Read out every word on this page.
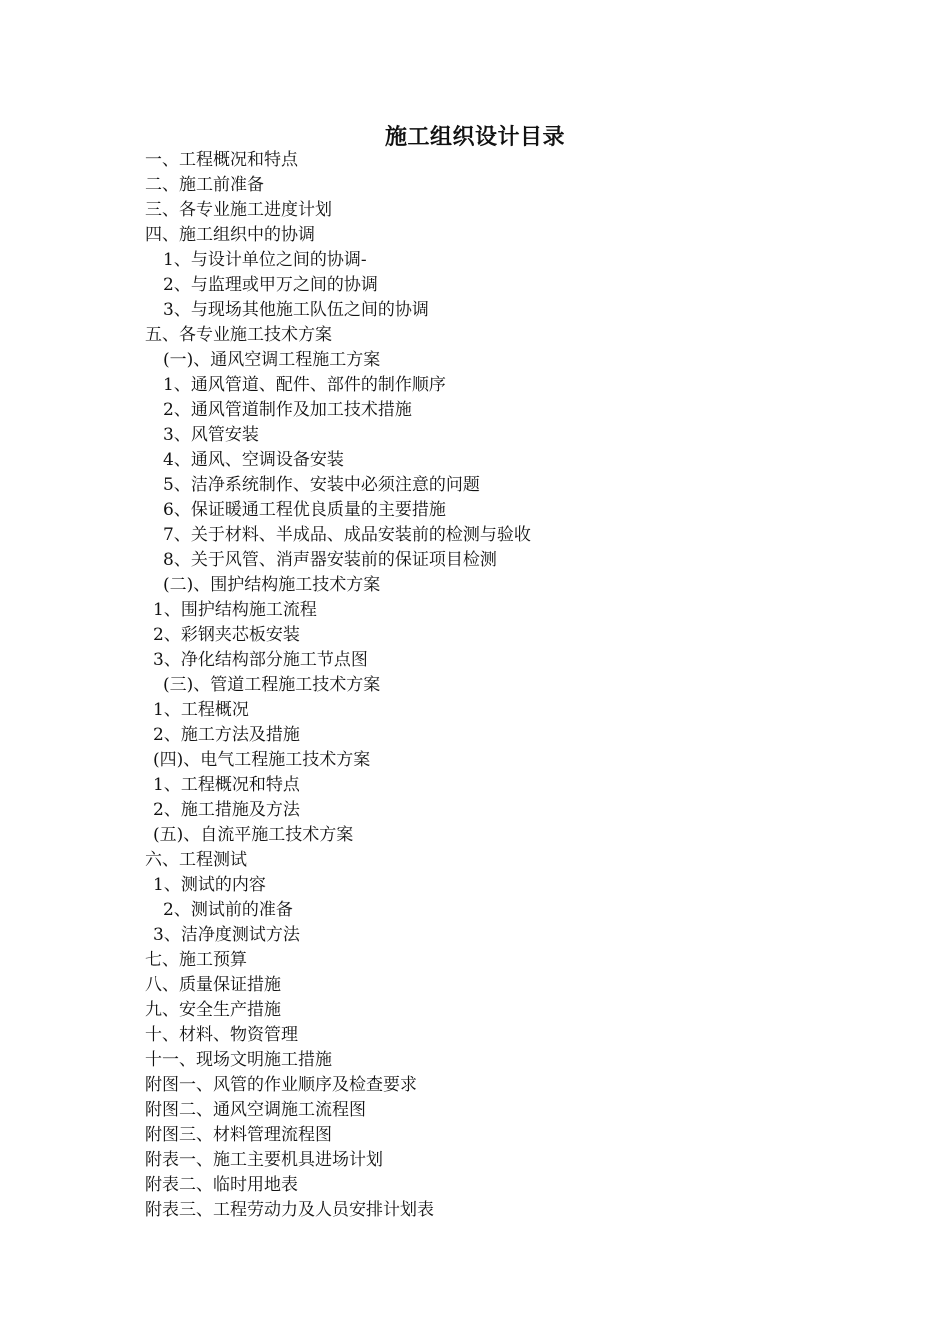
施工组织设计目录
一、工程概况和特点
二、施工前准备
三、各专业施工进度计划
四、施工组织中的协调
1、与设计单位之间的协调-
2、与监理或甲万之间的协调
3、与现场其他施工队伍之间的协调
五、各专业施工技术方案
(一)、通风空调工程施工方案
1、通风管道、配件、部件的制作顺序
2、通风管道制作及加工技术措施
3、风管安装
4、通风、空调设备安装
5、洁净系统制作、安装中必须注意的问题
6、保证暖通工程优良质量的主要措施
7、关于材料、半成品、成品安装前的检测与验收
8、关于风管、消声器安装前的保证项目检测
(二)、围护结构施工技术方案
1、围护结构施工流程
2、彩钢夹芯板安装
3、净化结构部分施工节点图
(三)、管道工程施工技术方案
1、工程概况
2、施工方法及措施
(四)、电气工程施工技术方案
1、工程概况和特点
2、施工措施及方法
(五)、自流平施工技术方案
六、工程测试
1、测试的内容
2、测试前的准备
3、洁净度测试方法
七、施工预算
八、质量保证措施
九、安全生产措施
十、材料、物资管理
十一、现场文明施工措施
附图一、风管的作业顺序及检查要求
附图二、通风空调施工流程图
附图三、材料管理流程图
附表一、施工主要机具进场计划
附表二、临时用地表
附表三、工程劳动力及人员安排计划表
